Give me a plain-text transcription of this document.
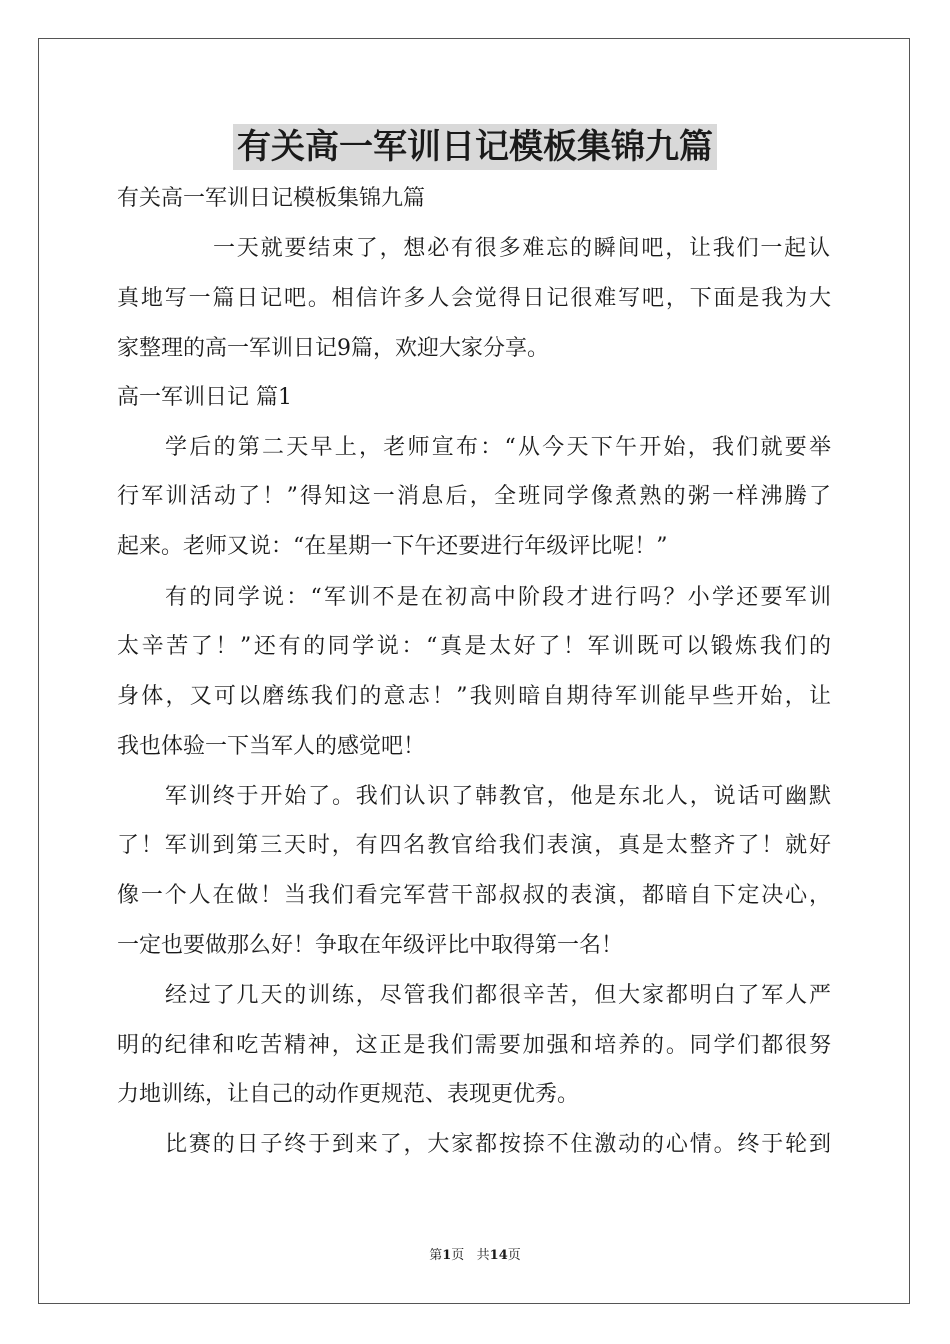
有关高一军训日记模板集锦九篇
有关高一军训日记模板集锦九篇
一天就要结束了，想必有很多难忘的瞬间吧，让我们一起认
真地写一篇日记吧。相信许多人会觉得日记很难写吧，下面是我为大
家整理的高一军训日记9篇，欢迎大家分享。
高一军训日记 篇1
学后的第二天早上，老师宣布：“从今天下午开始，我们就要举
行军训活动了！”得知这一消息后，全班同学像煮熟的粥一样沸腾了
起来。老师又说：“在星期一下午还要进行年级评比呢！”
有的同学说：“军训不是在初高中阶段才进行吗？小学还要军训
太辛苦了！”还有的同学说：“真是太好了！军训既可以锻炼我们的
身体，又可以磨练我们的意志！”我则暗自期待军训能早些开始，让
我也体验一下当军人的感觉吧！
军训终于开始了。我们认识了韩教官，他是东北人，说话可幽默
了！军训到第三天时，有四名教官给我们表演，真是太整齐了！就好
像一个人在做！当我们看完军营干部叔叔的表演，都暗自下定决心，
一定也要做那么好！争取在年级评比中取得第一名！
经过了几天的训练，尽管我们都很辛苦，但大家都明白了军人严
明的纪律和吃苦精神，这正是我们需要加强和培养的。同学们都很努
力地训练，让自己的动作更规范、表现更优秀。
比赛的日子终于到来了，大家都按捺不住激动的心情。终于轮到
第1页   共14页
